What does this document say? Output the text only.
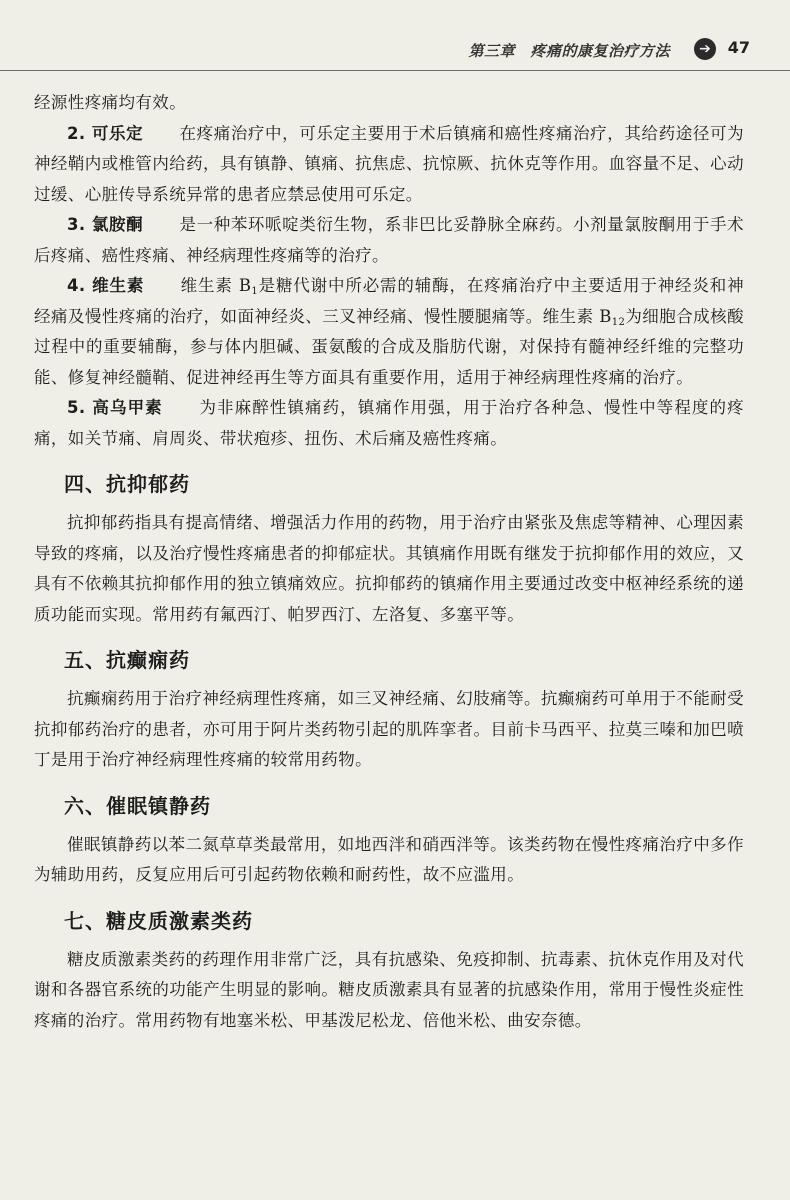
第三章　疼痛的康复治疗方法	➔	47

经源性疼痛均有效。

2. 可乐定 在疼痛治疗中，可乐定主要用于术后镇痛和癌性疼痛治疗，其给药途径可为神经鞘内或椎管内给药，具有镇静、镇痛、抗焦虑、抗惊厥、抗休克等作用。血容量不足、心动过缓、心脏传导系统异常的患者应禁忌使用可乐定。

3. 氯胺酮 是一种苯环哌啶类衍生物，系非巴比妥静脉全麻药。小剂量氯胺酮用于手术后疼痛、癌性疼痛、神经病理性疼痛等的治疗。

4. 维生素 维生素 $B_1$是糖代谢中所必需的辅酶，在疼痛治疗中主要适用于神经炎和神经痛及慢性疼痛的治疗，如面神经炎、三叉神经痛、慢性腰腿痛等。维生素 $B_{12}$为细胞合成核酸过程中的重要辅酶，参与体内胆碱、蛋氨酸的合成及脂肪代谢，对保持有髓神经纤维的完整功能、修复神经髓鞘、促进神经再生等方面具有重要作用，适用于神经病理性疼痛的治疗。

5. 高乌甲素 为非麻醉性镇痛药，镇痛作用强，用于治疗各种急、慢性中等程度的疼痛，如关节痛、肩周炎、带状疱疹、扭伤、术后痛及癌性疼痛。

四、抗抑郁药

抗抑郁药指具有提高情绪、增强活力作用的药物，用于治疗由紧张及焦虑等精神、心理因素导致的疼痛，以及治疗慢性疼痛患者的抑郁症状。其镇痛作用既有继发于抗抑郁作用的效应，又具有不依赖其抗抑郁作用的独立镇痛效应。抗抑郁药的镇痛作用主要通过改变中枢神经系统的递质功能而实现。常用药有氟西汀、帕罗西汀、左洛复、多塞平等。

五、抗癫痫药

抗癫痫药用于治疗神经病理性疼痛，如三叉神经痛、幻肢痛等。抗癫痫药可单用于不能耐受抗抑郁药治疗的患者，亦可用于阿片类药物引起的肌阵挛者。目前卡马西平、拉莫三嗪和加巴喷丁是用于治疗神经病理性疼痛的较常用药物。

六、催眠镇静药

催眠镇静药以苯二氮草草类最常用，如地西泮和硝西泮等。该类药物在慢性疼痛治疗中多作为辅助用药，反复应用后可引起药物依赖和耐药性，故不应滥用。

七、糖皮质激素类药

糖皮质激素类药的药理作用非常广泛，具有抗感染、免疫抑制、抗毒素、抗休克作用及对代谢和各器官系统的功能产生明显的影响。糖皮质激素具有显著的抗感染作用，常用于慢性炎症性疼痛的治疗。常用药物有地塞米松、甲基泼尼松龙、倍他米松、曲安奈德。
